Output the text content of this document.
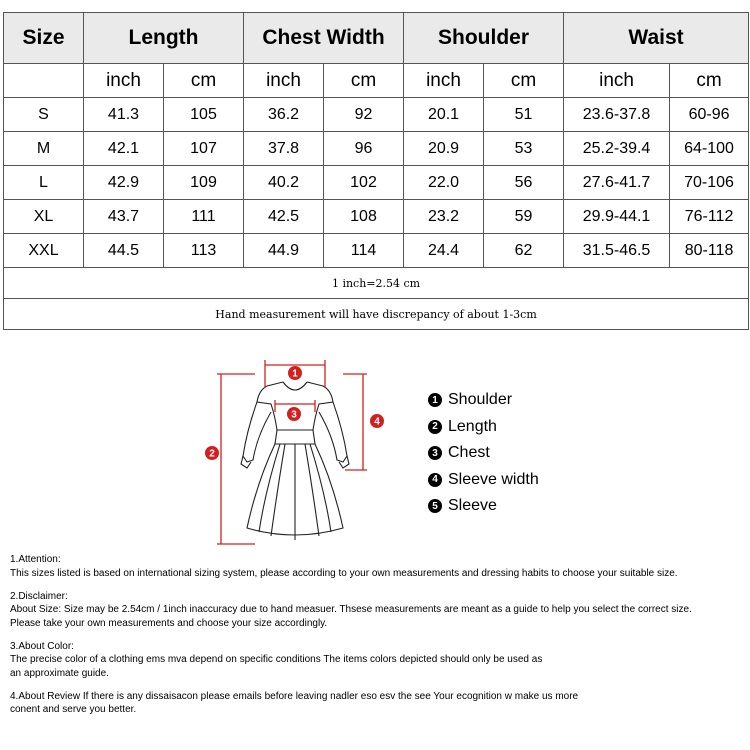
Size	Length		Chest Width		Shoulder		Waist	
	inch	cm	inch	cm	inch	cm	inch	cm
S	41.3	105	36.2	92	20.1	51	23.6-37.8	60-96
M	42.1	107	37.8	96	20.9	53	25.2-39.4	64-100
L	42.9	109	40.2	102	22.0	56	27.6-41.7	70-106
XL	43.7	111	42.5	108	23.2	59	29.9-44.1	76-112
XXL	44.5	113	44.9	114	24.4	62	31.5-46.5	80-118
1 inch=2.54 cm								
Hand measurement will have discrepancy of about 1-3cm								
1
3
2
4
1 Shoulder
2 Length
3 Chest
4 Sleeve width
5 Sleeve

1.Attention:
This sizes listed is based on international sizing system, please according to your own measurements and dressing habits to choose your suitable size.

2.Disclaimer:
About Size: Size may be 2.54cm / 1inch inaccuracy due to hand measuer. Thsese measurements are meant as a guide to help you select the correct size.
Please take your own measurements and choose your size accordingly.

3.About Color:
The precise color of a clothing ems mva depend on specific conditions The items colors depicted should only be used as
an approximate guide.

4.About Review If there is any dissaisacon please emails before leaving nadler eso esv the see Your ecognition w make us more
conent and serve you better.
